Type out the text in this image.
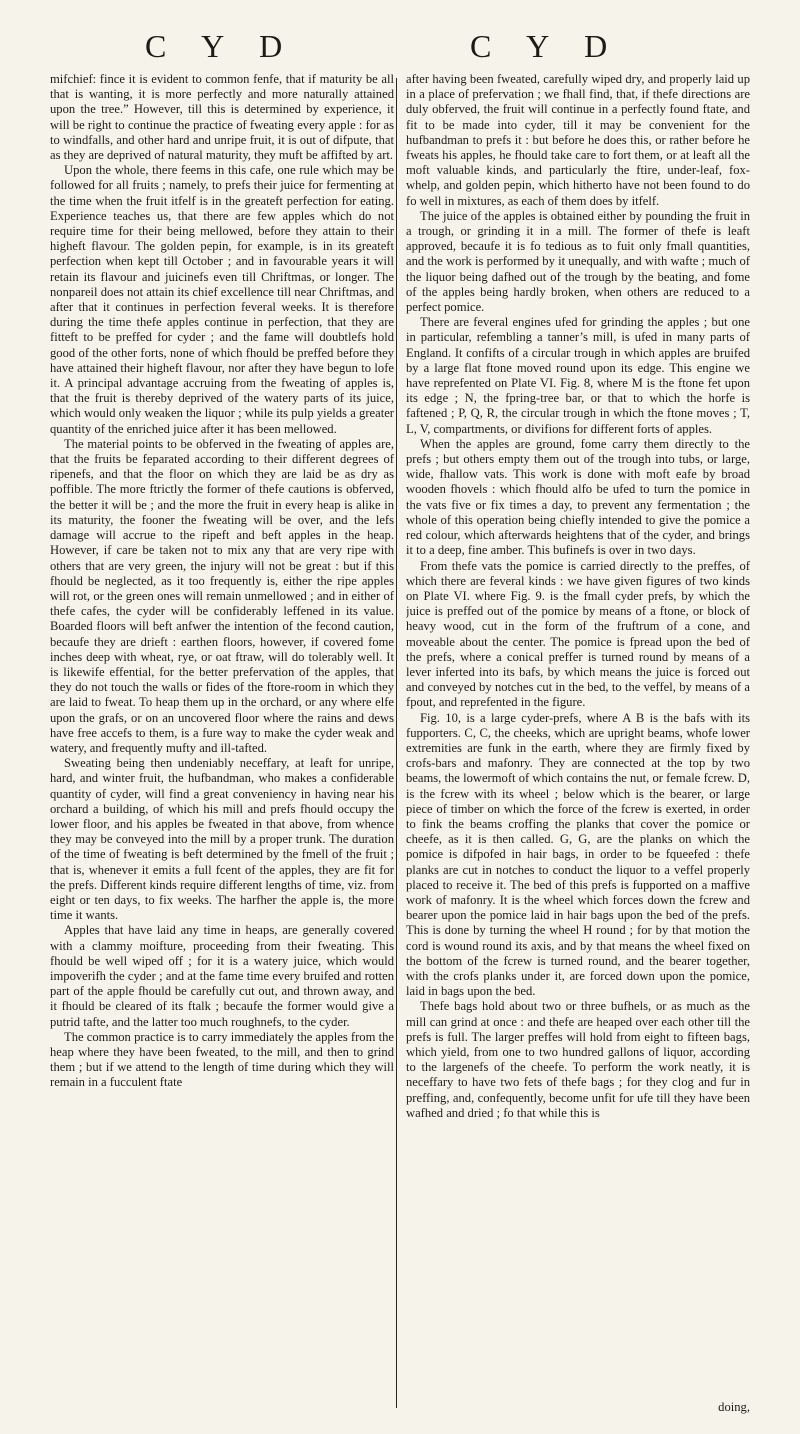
C Y D	C Y D

mifchief: fince it is evident to common fenfe, that if maturity be all that is wanting, it is more perfectly and more naturally attained upon the tree.” However, till this is determined by experience, it will be right to continue the practice of fweating every apple : for as to windfalls, and other hard and unripe fruit, it is out of difpute, that as they are deprived of natural maturity, they muft be affifted by art.

Upon the whole, there feems in this cafe, one rule which may be followed for all fruits ; namely, to prefs their juice for fermenting at the time when the fruit itfelf is in the greateft perfection for eating. Experience teaches us, that there are few apples which do not require time for their being mellowed, before they attain to their higheft flavour. The golden pepin, for example, is in its greateft perfection when kept till October ; and in favourable years it will retain its flavour and juicinefs even till Chriftmas, or longer. The nonpareil does not attain its chief excellence till near Chriftmas, and after that it continues in perfection feveral weeks. It is therefore during the time thefe apples continue in perfection, that they are fitteft to be preffed for cyder ; and the fame will doubtlefs hold good of the other forts, none of which fhould be preffed before they have attained their higheft flavour, nor after they have begun to lofe it. A principal advantage accruing from the fweating of apples is, that the fruit is thereby deprived of the watery parts of its juice, which would only weaken the liquor ; while its pulp yields a greater quantity of the enriched juice after it has been mellowed.

The material points to be obferved in the fweating of apples are, that the fruits be feparated according to their different degrees of ripenefs, and that the floor on which they are laid be as dry as poffible. The more ftrictly the former of thefe cautions is obferved, the better it will be ; and the more the fruit in every heap is alike in its maturity, the fooner the fweating will be over, and the lefs damage will accrue to the ripeft and beft apples in the heap. However, if care be taken not to mix any that are very ripe with others that are very green, the injury will not be great : but if this fhould be neglected, as it too frequently is, either the ripe apples will rot, or the green ones will remain unmellowed ; and in either of thefe cafes, the cyder will be confiderably leffened in its value. Boarded floors will beft anfwer the intention of the fecond caution, becaufe they are drieft : earthen floors, however, if covered fome inches deep with wheat, rye, or oat ftraw, will do tolerably well. It is likewife effential, for the better prefervation of the apples, that they do not touch the walls or fides of the ftore-room in which they are laid to fweat. To heap them up in the orchard, or any where elfe upon the grafs, or on an uncovered floor where the rains and dews have free accefs to them, is a fure way to make the cyder weak and watery, and frequently mufty and ill-tafted.

Sweating being then undeniably neceffary, at leaft for unripe, hard, and winter fruit, the hufbandman, who makes a confiderable quantity of cyder, will find a great conveniency in having near his orchard a building, of which his mill and prefs fhould occupy the lower floor, and his apples be fweated in that above, from whence they may be conveyed into the mill by a proper trunk. The duration of the time of fweating is beft determined by the fmell of the fruit ; that is, whenever it emits a full fcent of the apples, they are fit for the prefs. Different kinds require different lengths of time, viz. from eight or ten days, to fix weeks. The harfher the apple is, the more time it wants.

Apples that have laid any time in heaps, are generally covered with a clammy moifture, proceeding from their fweating. This fhould be well wiped off ; for it is a watery juice, which would impoverifh the cyder ; and at the fame time every bruifed and rotten part of the apple fhould be carefully cut out, and thrown away, and it fhould be cleared of its ftalk ; becaufe the former would give a putrid tafte, and the latter too much roughnefs, to the cyder.

The common practice is to carry immediately the apples from the heap where they have been fweated, to the mill, and then to grind them ; but if we attend to the length of time during which they will remain in a fucculent ftate

after having been fweated, carefully wiped dry, and properly laid up in a place of prefervation ; we fhall find, that, if thefe directions are duly obferved, the fruit will continue in a perfectly found ftate, and fit to be made into cyder, till it may be convenient for the hufbandman to prefs it : but before he does this, or rather before he fweats his apples, he fhould take care to fort them, or at leaft all the moft valuable kinds, and particularly the ftire, under-leaf, fox-whelp, and golden pepin, which hitherto have not been found to do fo well in mixtures, as each of them does by itfelf.

The juice of the apples is obtained either by pounding the fruit in a trough, or grinding it in a mill. The former of thefe is leaft approved, becaufe it is fo tedious as to fuit only fmall quantities, and the work is performed by it unequally, and with wafte ; much of the liquor being dafhed out of the trough by the beating, and fome of the apples being hardly broken, when others are reduced to a perfect pomice.

There are feveral engines ufed for grinding the apples ; but one in particular, refembling a tanner’s mill, is ufed in many parts of England. It confifts of a circular trough in which apples are bruifed by a large flat ftone moved round upon its edge. This engine we have reprefented on Plate VI. Fig. 8, where M is the ftone fet upon its edge ; N, the fpring-tree bar, or that to which the horfe is faftened ; P, Q, R, the circular trough in which the ftone moves ; T, L, V, compartments, or divifions for different forts of apples.

When the apples are ground, fome carry them directly to the prefs ; but others empty them out of the trough into tubs, or large, wide, fhallow vats. This work is done with moft eafe by broad wooden fhovels : which fhould alfo be ufed to turn the pomice in the vats five or fix times a day, to prevent any fermentation ; the whole of this operation being chiefly intended to give the pomice a red colour, which afterwards heightens that of the cyder, and brings it to a deep, fine amber. This bufinefs is over in two days.

From thefe vats the pomice is carried directly to the preffes, of which there are feveral kinds : we have given figures of two kinds on Plate VI. where Fig. 9. is the fmall cyder prefs, by which the juice is preffed out of the pomice by means of a ftone, or block of heavy wood, cut in the form of the fruftrum of a cone, and moveable about the center. The pomice is fpread upon the bed of the prefs, where a conical preffer is turned round by means of a lever inferted into its bafs, by which means the juice is forced out and conveyed by notches cut in the bed, to the veffel, by means of a fpout, and reprefented in the figure.

Fig. 10, is a large cyder-prefs, where A B is the bafs with its fupporters. C, C, the cheeks, which are upright beams, whofe lower extremities are funk in the earth, where they are firmly fixed by crofs-bars and mafonry. They are connected at the top by two beams, the lowermoft of which contains the nut, or female fcrew. D, is the fcrew with its wheel ; below which is the bearer, or large piece of timber on which the force of the fcrew is exerted, in order to fink the beams croffing the planks that cover the pomice or cheefe, as it is then called. G, G, are the planks on which the pomice is difpofed in hair bags, in order to be fqueefed : thefe planks are cut in notches to conduct the liquor to a veffel properly placed to receive it. The bed of this prefs is fupported on a maffive work of mafonry. It is the wheel which forces down the fcrew and bearer upon the pomice laid in hair bags upon the bed of the prefs. This is done by turning the wheel H round ; for by that motion the cord is wound round its axis, and by that means the wheel fixed on the bottom of the fcrew is turned round, and the bearer together, with the crofs planks under it, are forced down upon the pomice, laid in bags upon the bed.

Thefe bags hold about two or three bufhels, or as much as the mill can grind at once : and thefe are heaped over each other till the prefs is full. The larger preffes will hold from eight to fifteen bags, which yield, from one to two hundred gallons of liquor, according to the largenefs of the cheefe. To perform the work neatly, it is neceffary to have two fets of thefe bags ; for they clog and fur in preffing, and, confequently, become unfit for ufe till they have been wafhed and dried ; fo that while this is

doing,
